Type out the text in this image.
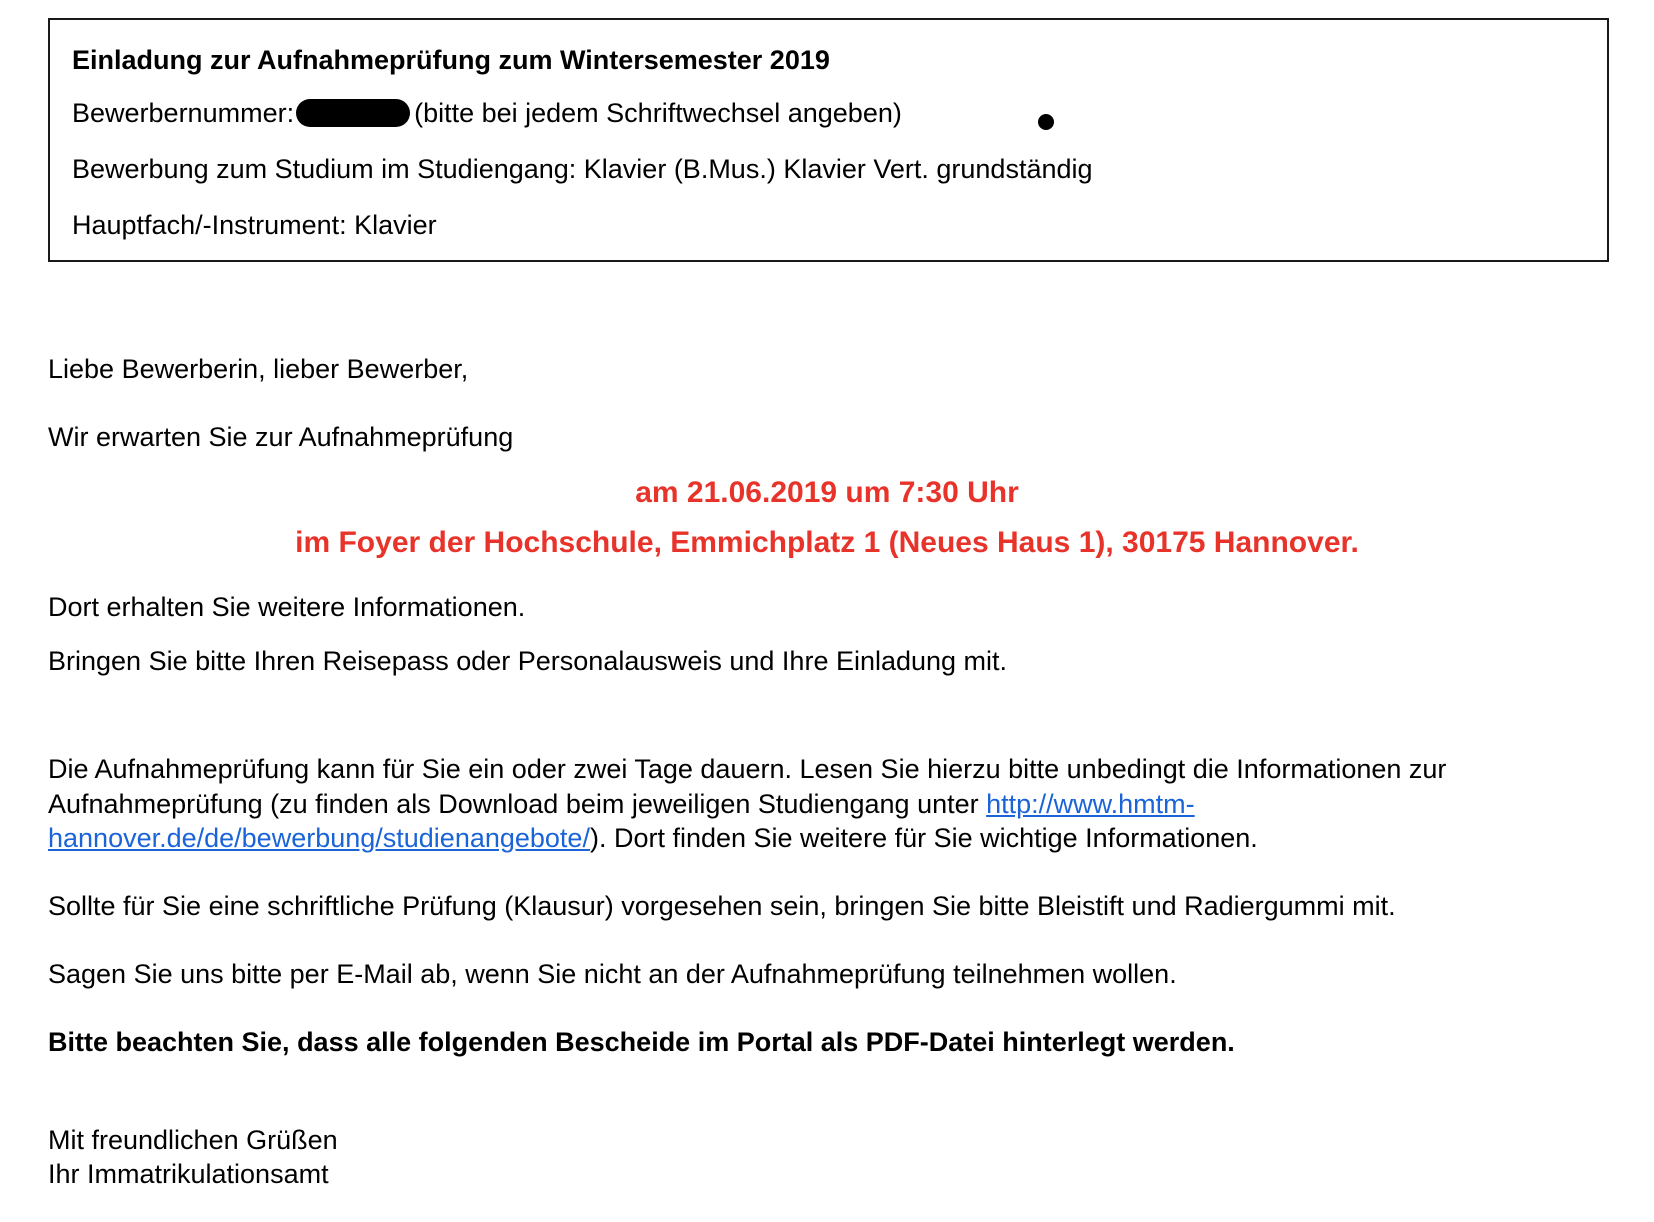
Einladung zur Aufnahmeprüfung zum Wintersemester 2019
Bewerbernummer:	(bitte bei jedem Schriftwechsel angeben)
Bewerbung zum Studium im Studiengang: Klavier (B.Mus.) Klavier Vert. grundständig
Hauptfach/-Instrument: Klavier
Liebe Bewerberin, lieber Bewerber,
Wir erwarten Sie zur Aufnahmeprüfung
am 21.06.2019 um 7:30 Uhr
im Foyer der Hochschule, Emmichplatz 1 (Neues Haus 1), 30175 Hannover.
Dort erhalten Sie weitere Informationen.
Bringen Sie bitte Ihren Reisepass oder Personalausweis und Ihre Einladung mit.
Die Aufnahmeprüfung kann für Sie ein oder zwei Tage dauern. Lesen Sie hierzu bitte unbedingt die Informationen zur
Aufnahmeprüfung (zu finden als Download beim jeweiligen Studiengang unter http://www.hmtm-
hannover.de/de/bewerbung/studienangebote/). Dort finden Sie weitere für Sie wichtige Informationen.
Sollte für Sie eine schriftliche Prüfung (Klausur) vorgesehen sein, bringen Sie bitte Bleistift und Radiergummi mit.
Sagen Sie uns bitte per E-Mail ab, wenn Sie nicht an der Aufnahmeprüfung teilnehmen wollen.
Bitte beachten Sie, dass alle folgenden Bescheide im Portal als PDF-Datei hinterlegt werden.
Mit freundlichen Grüßen
Ihr Immatrikulationsamt
